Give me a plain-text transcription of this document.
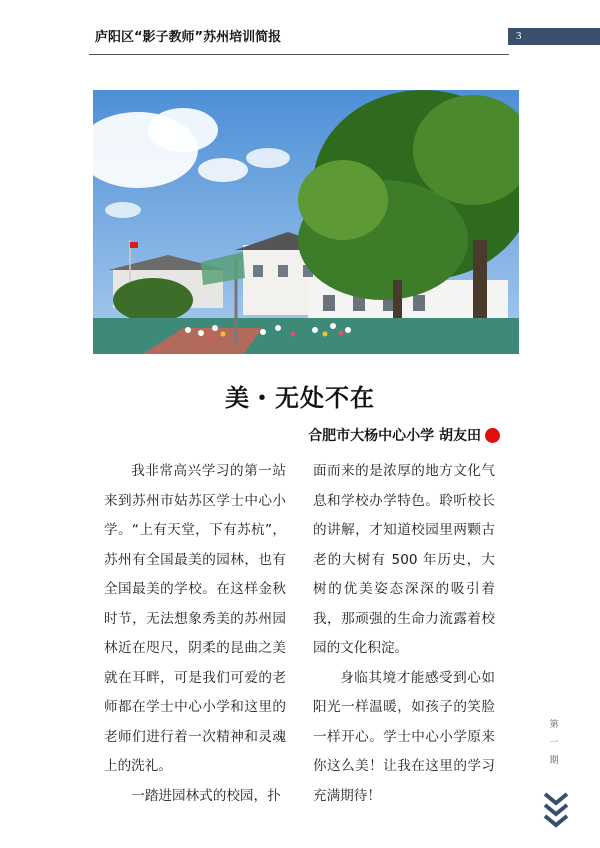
庐阳区“影子教师”苏州培训简报	3
美・无处不在
合肥市大杨中心小学 胡友田

我非常高兴学习的第一站来到苏州市姑苏区学士中心小学。“上有天堂，下有苏杭”，苏州有全国最美的园林，也有全国最美的学校。在这样金秋时节，无法想象秀美的苏州园林近在咫尺，阴柔的昆曲之美就在耳畔，可是我们可爱的老师都在学士中心小学和这里的老师们进行着一次精神和灵魂上的洗礼。

一踏进园林式的校园，扑

面而来的是浓厚的地方文化气息和学校办学特色。聆听校长的讲解，才知道校园里两颗古老的大树有 500 年历史，大树的优美姿态深深的吸引着我，那顽强的生命力流露着校园的文化积淀。

身临其境才能感受到心如阳光一样温暖，如孩子的笑脸一样开心。学士中心小学原来你这么美！让我在这里的学习充满期待！

第 一 期
